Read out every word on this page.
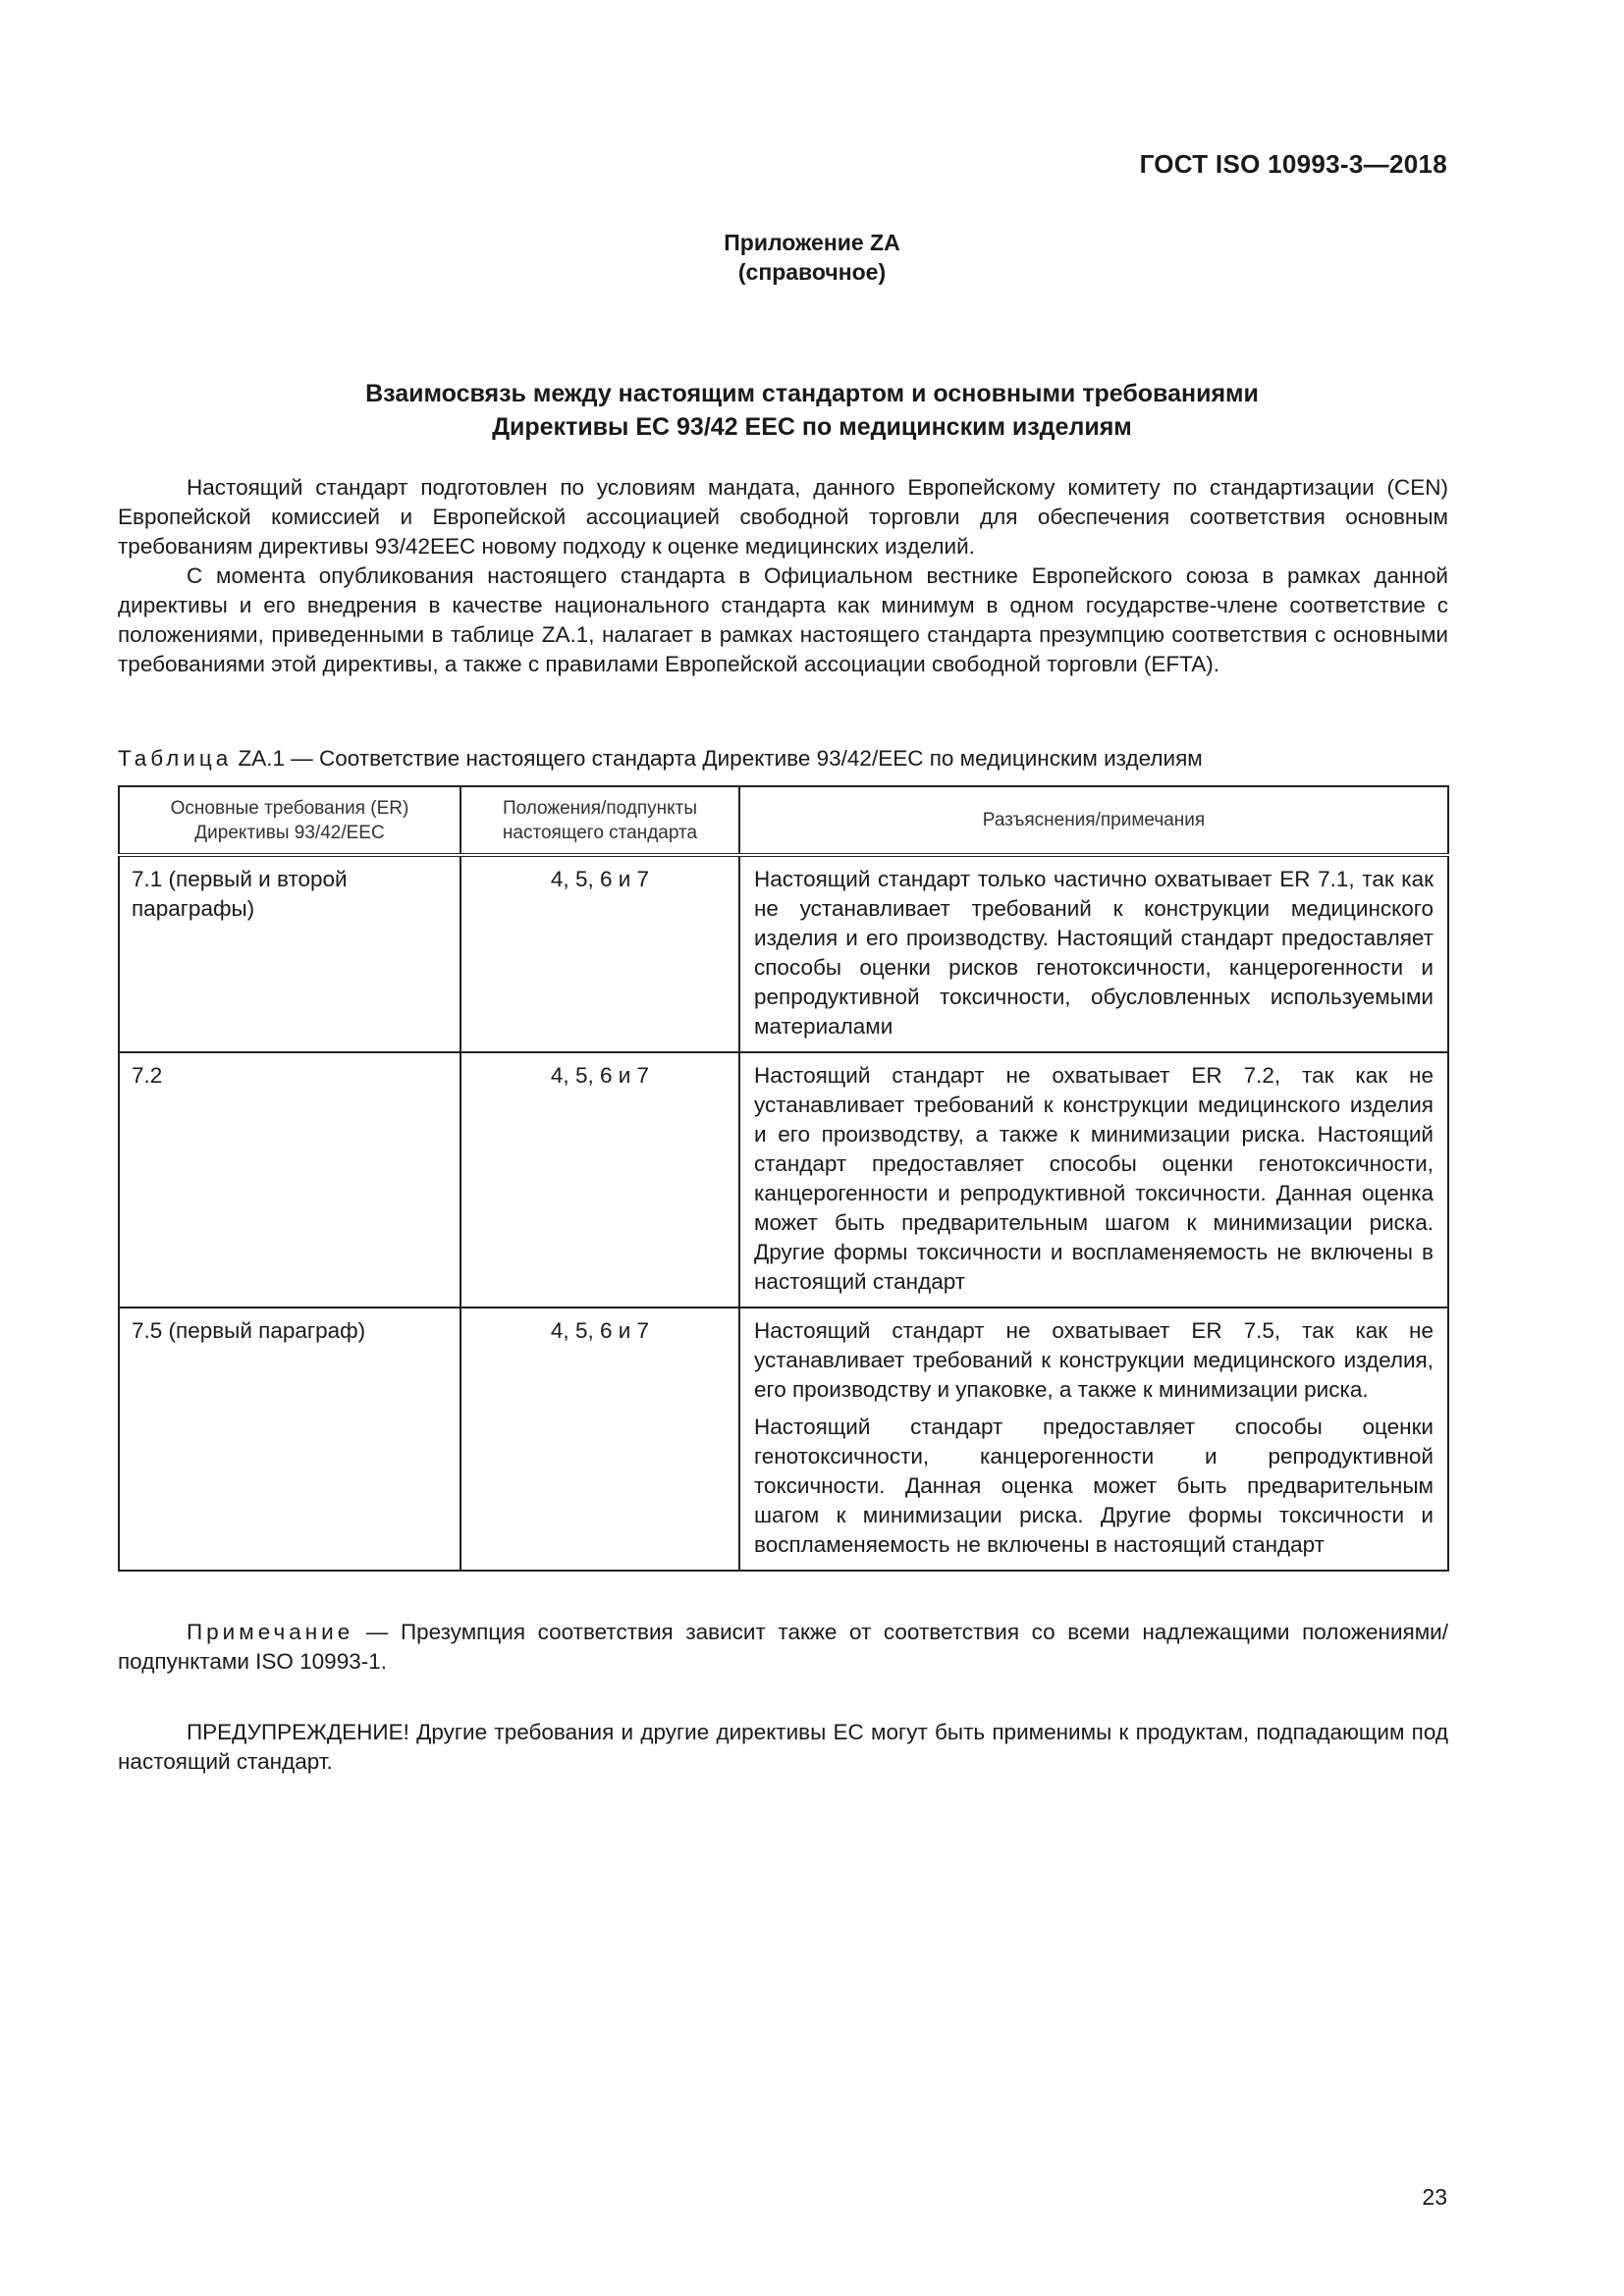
ГОСТ ISO 10993-3—2018
Приложение ZA
(справочное)
Взаимосвязь между настоящим стандартом и основными требованиями
Директивы ЕС 93/42 ЕЕС по медицинским изделиям

Настоящий стандарт подготовлен по условиям мандата, данного Европейскому комитету по стандартизации (CEN) Европейской комиссией и Европейской ассоциацией свободной торговли для обеспечения соответствия основным требованиям директивы 93/42EEC новому подходу к оценке медицинских изделий.

С момента опубликования настоящего стандарта в Официальном вестнике Европейского союза в рамках данной директивы и его внедрения в качестве национального стандарта как минимум в одном государстве-члене соответствие с положениями, приведенными в таблице ZA.1, налагает в рамках настоящего стандарта презумпцию соответствия с основными требованиями этой директивы, а также с правилами Европейской ассоциации свободной торговли (EFTA).

Таблица ZA.1 — Соответствие настоящего стандарта Директиве 93/42/EEC по медицинским изделиям
Основные требования (ER) Директивы 93/42/EEC	Положения/подпункты настоящего стандарта	Разъяснения/примечания
7.1 (первый и второй параграфы)	4, 5, 6 и 7	Настоящий стандарт только частично охватывает ER 7.1, так как не устанавливает требований к конструкции медицинского изделия и его производству. Настоящий стандарт предоставляет способы оценки рисков генотоксичности, канцерогенности и репродуктивной токсичности, обусловленных используемыми материалами

7.2	4, 5, 6 и 7	Настоящий стандарт не охватывает ER 7.2, так как не устанавливает требований к конструкции медицинского изделия и его производству, а также к минимизации риска. Настоящий стандарт предоставляет способы оценки генотоксичности, канцерогенности и репродуктивной токсичности. Данная оценка может быть предварительным шагом к минимизации риска. Другие формы токсичности и воспламеняемость не включены в настоящий стандарт

7.5 (первый параграф)	4, 5, 6 и 7	Настоящий стандарт не охватывает ER 7.5, так как не устанавливает требований к конструкции медицинского изделия, его производству и упаковке, а также к минимизации риска.

Настоящий стандарт предоставляет способы оценки генотоксичности, канцерогенности и репродуктивной токсичности. Данная оценка может быть предварительным шагом к минимизации риска. Другие формы токсичности и воспламеняемость не включены в настоящий стандарт

Примечание — Презумпция соответствия зависит также от соответствия со всеми надлежащими положениями/подпунктами ISO 10993-1.

ПРЕДУПРЕЖДЕНИЕ! Другие требования и другие директивы ЕС могут быть применимы к продуктам, подпадающим под настоящий стандарт.

23
